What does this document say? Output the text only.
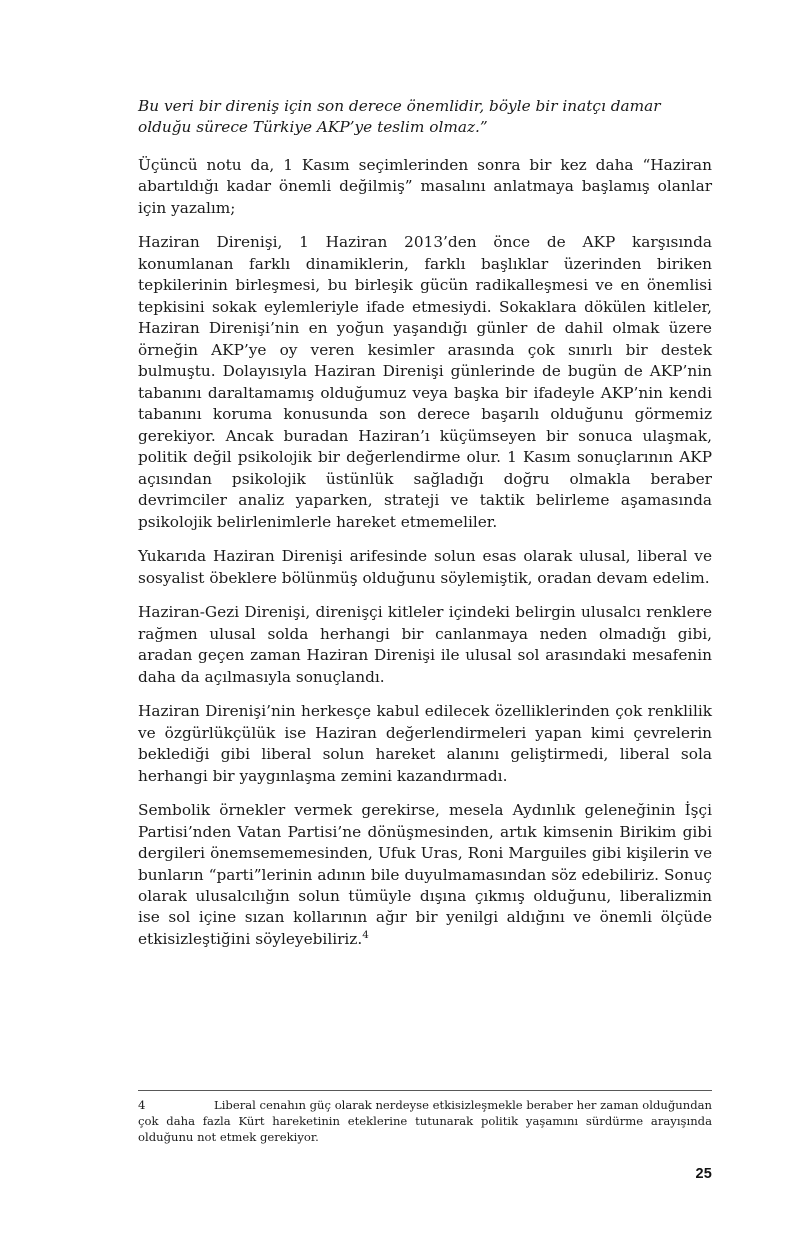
Bu veri bir direniş için son derece önemlidir, böyle bir inatçı damar olduğu sürece Türkiye AKP’ye teslim olmaz.”

Üçüncü notu da, 1 Kasım seçimlerinden sonra bir kez daha “Haziran abartıldığı kadar önemli değilmiş” masalını anlatmaya başlamış olanlar için yazalım;

Haziran Direnişi, 1 Haziran 2013’den önce de AKP karşısında konumlanan farklı dinamiklerin, farklı başlıklar üzerinden biriken tepkilerinin birleşmesi, bu birleşik gücün radikalleşmesi ve en önemlisi tepkisini sokak eylemleriyle ifade etmesiydi. Sokaklara dökülen kitleler, Haziran Direnişi’nin en yoğun yaşandığı günler de dahil olmak üzere örneğin AKP’ye oy veren kesimler arasında çok sınırlı bir destek bulmuştu. Dolayısıyla Haziran Direnişi günlerinde de bugün de AKP’nin tabanını daraltamamış olduğumuz veya başka bir ifadeyle AKP’nin kendi tabanını koruma konusunda son derece başarılı olduğunu görmemiz gerekiyor. Ancak buradan Haziran’ı küçümseyen bir sonuca ulaşmak, politik değil psikolojik bir değerlendirme olur. 1 Kasım sonuçlarının AKP açısından psikolojik üstünlük sağladığı doğru olmakla beraber devrimciler analiz yaparken, strateji ve taktik belirleme aşamasında psikolojik belirlenimlerle hareket etmemeliler.

Yukarıda Haziran Direnişi arifesinde solun esas olarak ulusal, liberal ve sosyalist öbeklere bölünmüş olduğunu söylemiştik, oradan devam edelim.

Haziran-Gezi Direnişi, direnişçi kitleler içindeki belirgin ulusalcı renklere rağmen ulusal solda herhangi bir canlanmaya neden olmadığı gibi, aradan geçen zaman Haziran Direnişi ile ulusal sol arasındaki mesafenin daha da açılmasıyla sonuçlandı.

Haziran Direnişi’nin herkesçe kabul edilecek özelliklerinden çok renklilik ve özgürlükçülük ise Haziran değerlendirmeleri yapan kimi çevrelerin beklediği gibi liberal solun hareket alanını geliştirmedi, liberal sola herhangi bir yaygınlaşma zemini kazandırmadı.

Sembolik örnekler vermek gerekirse, mesela Aydınlık geleneğinin İşçi Partisi’nden Vatan Partisi’ne dönüşmesinden, artık kimsenin Birikim gibi dergileri önemsememesinden, Ufuk Uras, Roni Marguiles gibi kişilerin ve bunların “parti”lerinin adının bile duyulmamasından söz edebiliriz. Sonuç olarak ulusalcılığın solun tümüyle dışına çıkmış olduğunu, liberalizmin ise sol içine sızan kollarının ağır bir yenilgi aldığını ve önemli ölçüde etkisizleştiğini söyleyebiliriz.$^4$

4	Liberal cenahın güç olarak nerdeyse etkisizleşmekle beraber her zaman olduğundan çok daha fazla Kürt hareketinin eteklerine tutunarak politik yaşamını sürdürme arayışında olduğunu not etmek gerekiyor.

25
